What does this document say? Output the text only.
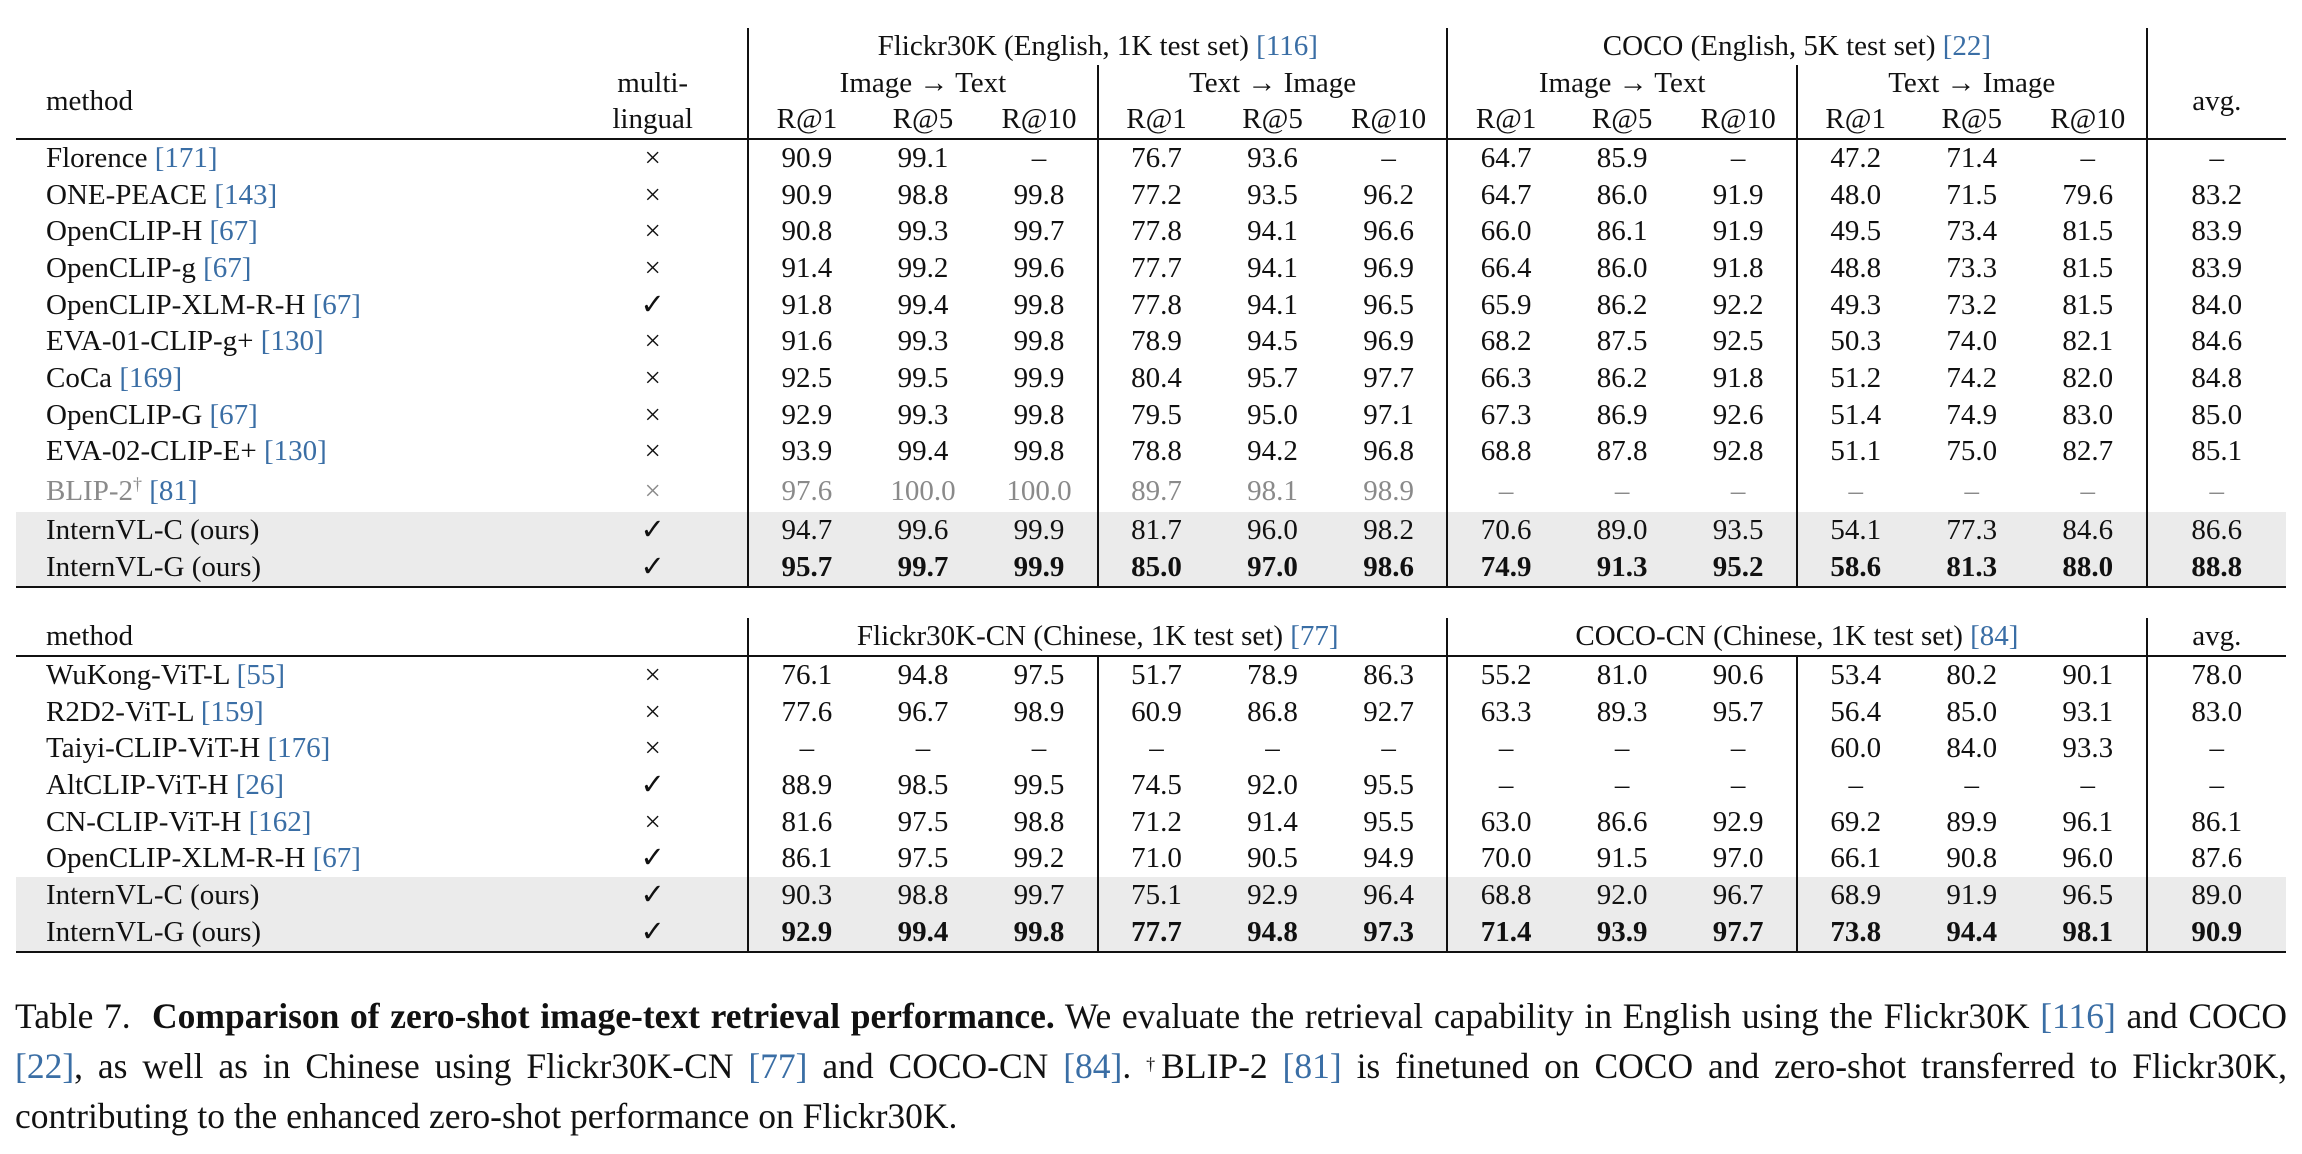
		Flickr30K (English, 1K test set) [116]						COCO (English, 5K test set) [22]						
	multi-	Image → Text			Text → Image			Image → Text			Text → Image			
method	lingual	R@1	R@5	R@10	R@1	R@5	R@10	R@1	R@5	R@10	R@1	R@5	R@10	avg.
Florence [171]	×	90.9	99.1	–	76.7	93.6	–	64.7	85.9	–	47.2	71.4	–	–
ONE-PEACE [143]	×	90.9	98.8	99.8	77.2	93.5	96.2	64.7	86.0	91.9	48.0	71.5	79.6	83.2
OpenCLIP-H [67]	×	90.8	99.3	99.7	77.8	94.1	96.6	66.0	86.1	91.9	49.5	73.4	81.5	83.9
OpenCLIP-g [67]	×	91.4	99.2	99.6	77.7	94.1	96.9	66.4	86.0	91.8	48.8	73.3	81.5	83.9
OpenCLIP-XLM-R-H [67]	✓	91.8	99.4	99.8	77.8	94.1	96.5	65.9	86.2	92.2	49.3	73.2	81.5	84.0
EVA-01-CLIP-g+ [130]	×	91.6	99.3	99.8	78.9	94.5	96.9	68.2	87.5	92.5	50.3	74.0	82.1	84.6
CoCa [169]	×	92.5	99.5	99.9	80.4	95.7	97.7	66.3	86.2	91.8	51.2	74.2	82.0	84.8
OpenCLIP-G [67]	×	92.9	99.3	99.8	79.5	95.0	97.1	67.3	86.9	92.6	51.4	74.9	83.0	85.0
EVA-02-CLIP-E+ [130]	×	93.9	99.4	99.8	78.8	94.2	96.8	68.8	87.8	92.8	51.1	75.0	82.7	85.1
BLIP-2† [81]	×	97.6	100.0	100.0	89.7	98.1	98.9	–	–	–	–	–	–	–
InternVL-C (ours)	✓	94.7	99.6	99.9	81.7	96.0	98.2	70.6	89.0	93.5	54.1	77.3	84.6	86.6
InternVL-G (ours)	✓	95.7	99.7	99.9	85.0	97.0	98.6	74.9	91.3	95.2	58.6	81.3	88.0	88.8
method		Flickr30K-CN (Chinese, 1K test set) [77]						COCO-CN (Chinese, 1K test set) [84]						avg.
WuKong-ViT-L [55]	×	76.1	94.8	97.5	51.7	78.9	86.3	55.2	81.0	90.6	53.4	80.2	90.1	78.0
R2D2-ViT-L [159]	×	77.6	96.7	98.9	60.9	86.8	92.7	63.3	89.3	95.7	56.4	85.0	93.1	83.0
Taiyi-CLIP-ViT-H [176]	×	–	–	–	–	–	–	–	–	–	60.0	84.0	93.3	–
AltCLIP-ViT-H [26]	✓	88.9	98.5	99.5	74.5	92.0	95.5	–	–	–	–	–	–	–
CN-CLIP-ViT-H [162]	×	81.6	97.5	98.8	71.2	91.4	95.5	63.0	86.6	92.9	69.2	89.9	96.1	86.1
OpenCLIP-XLM-R-H [67]	✓	86.1	97.5	99.2	71.0	90.5	94.9	70.0	91.5	97.0	66.1	90.8	96.0	87.6
InternVL-C (ours)	✓	90.3	98.8	99.7	75.1	92.9	96.4	68.8	92.0	96.7	68.9	91.9	96.5	89.0
InternVL-G (ours)	✓	92.9	99.4	99.8	77.7	94.8	97.3	71.4	93.9	97.7	73.8	94.4	98.1	90.9
Table 7. Comparison of zero-shot image-text retrieval performance. We evaluate the retrieval capability in English using the Flickr30K [116] and COCO [22], as well as in Chinese using Flickr30K-CN [77] and COCO-CN [84]. †BLIP-2 [81] is finetuned on COCO and zero-shot transferred to Flickr30K, contributing to the enhanced zero-shot performance on Flickr30K.
